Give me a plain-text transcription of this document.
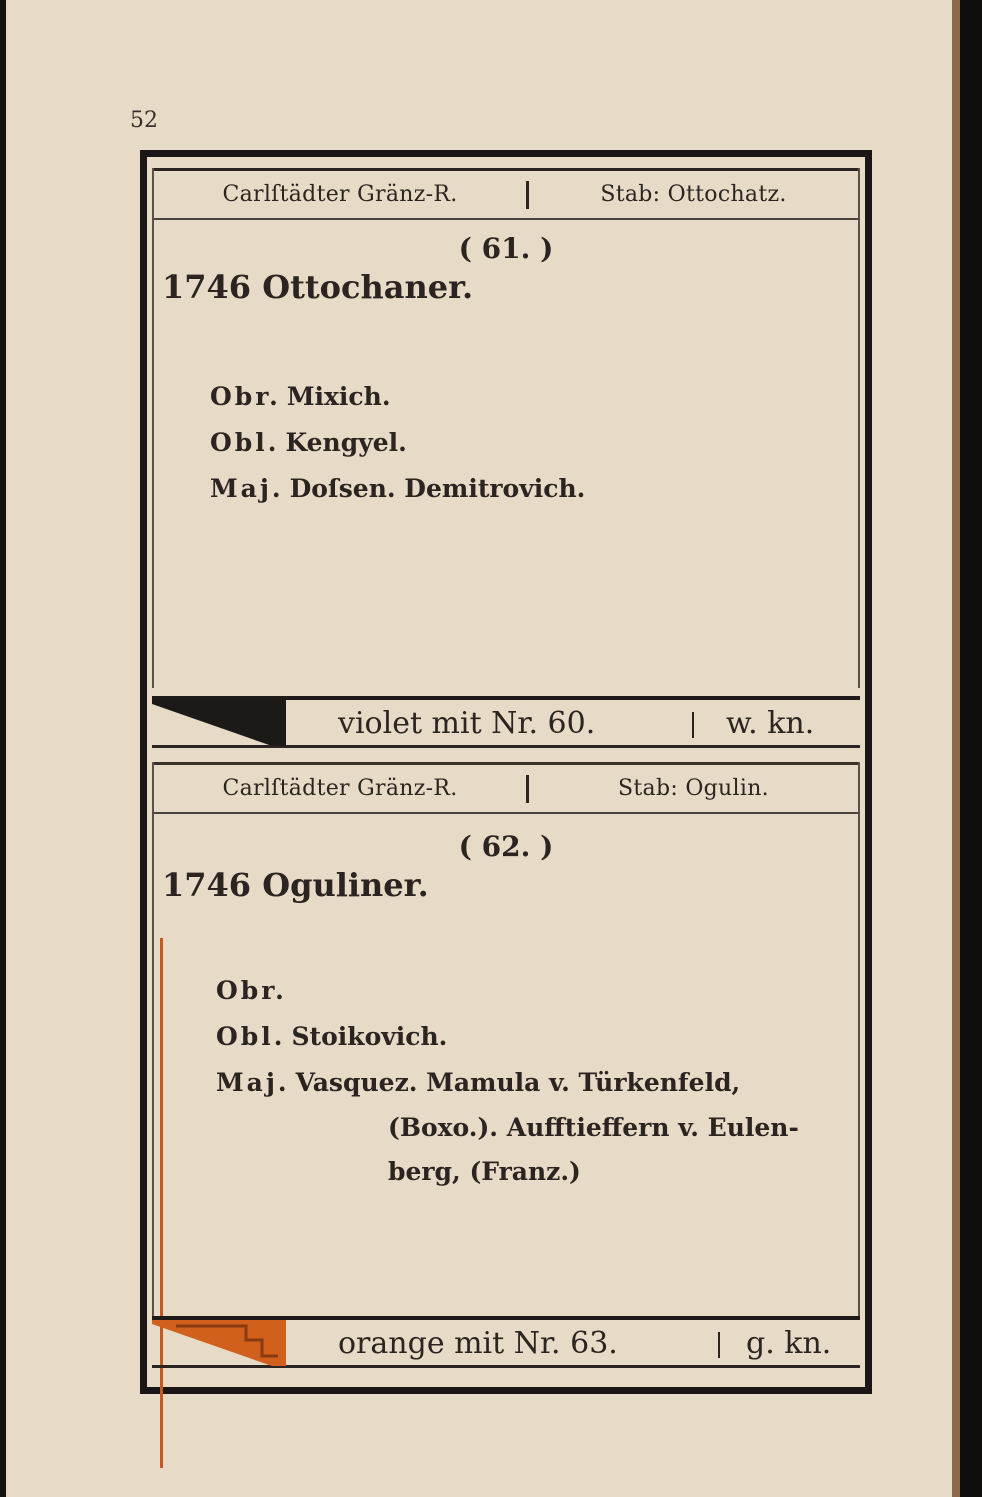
52
Carlſtädter Gränz-R.	Stab: Ottochatz.
( 61. )
1746 Ottochaner.
Obr. Mixich.
Obl. Kengyel.
Maj. Doſsen. Demitrovich.
violet mit Nr. 60.	w. kn.
Carlſtädter Gränz-R.	Stab: Ogulin.
( 62. )
1746 Oguliner.
Obr.
Obl. Stoikovich.
Maj. Vasquez. Mamula v. Türkenfeld,
(Boxo.). Aufftieffern v. Eulen-
berg, (Franz.)
orange mit Nr. 63.	g. kn.
